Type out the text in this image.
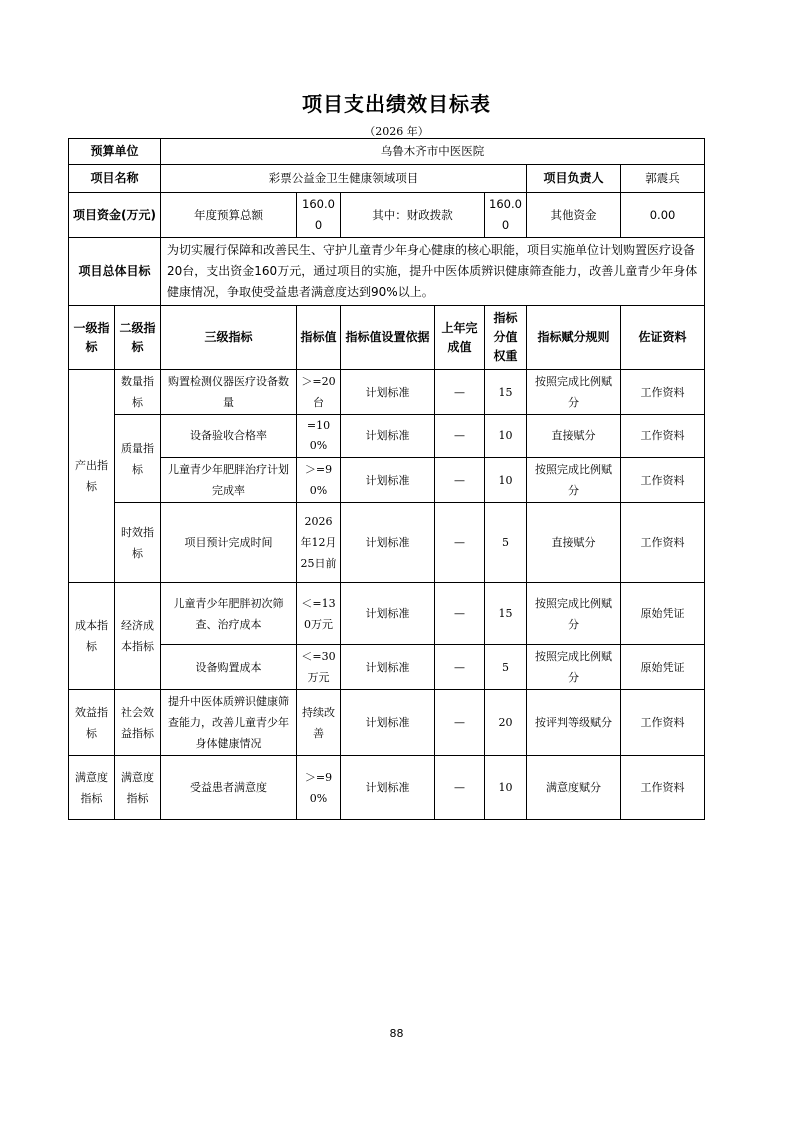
项目支出绩效目标表
（2026 年）
预算单位		乌鲁木齐市中医医院						
项目名称		彩票公益金卫生健康领域项目					项目负责人	郭震兵
项目资金(万元)		年度预算总额	160.00	其中：财政拨款		160.00	其他资金	0.00
项目总体目标		为切实履行保障和改善民生、守护儿童青少年身心健康的核心职能，项目实施单位计划购置医疗设备20台，支出资金160万元，通过项目的实施，提升中医体质辨识健康筛查能力，改善儿童青少年身体健康情况，争取使受益患者满意度达到90%以上。						
一级指标	二级指标	三级指标	指标值	指标值设置依据	上年完成值	指标分值权重	指标赋分规则	佐证资料
产出指标	数量指标	购置检测仪器医疗设备数量	＞=20台	计划标准	—	15	按照完成比例赋分	工作资料
	质量指标	设备验收合格率	=100%	计划标准	—	10	直接赋分	工作资料
		儿童青少年肥胖治疗计划完成率	＞=90%	计划标准	—	10	按照完成比例赋分	工作资料
	时效指标	项目预计完成时间	2026年12月25日前	计划标准	—	5	直接赋分	工作资料

成本指标	经济成本指标	儿童青少年肥胖初次筛查、治疗成本	＜=130万元	计划标准	—	15	按照完成比例赋分	原始凭证
		设备购置成本	＜=30万元	计划标准	—	5	按照完成比例赋分	原始凭证
效益指标	社会效益指标	提升中医体质辨识健康筛查能力，改善儿童青少年身体健康情况	持续改善	计划标准	—	20	按评判等级赋分	工作资料
满意度指标	满意度指标	受益患者满意度	＞=90%	计划标准	—	10	满意度赋分	工作资料
88
